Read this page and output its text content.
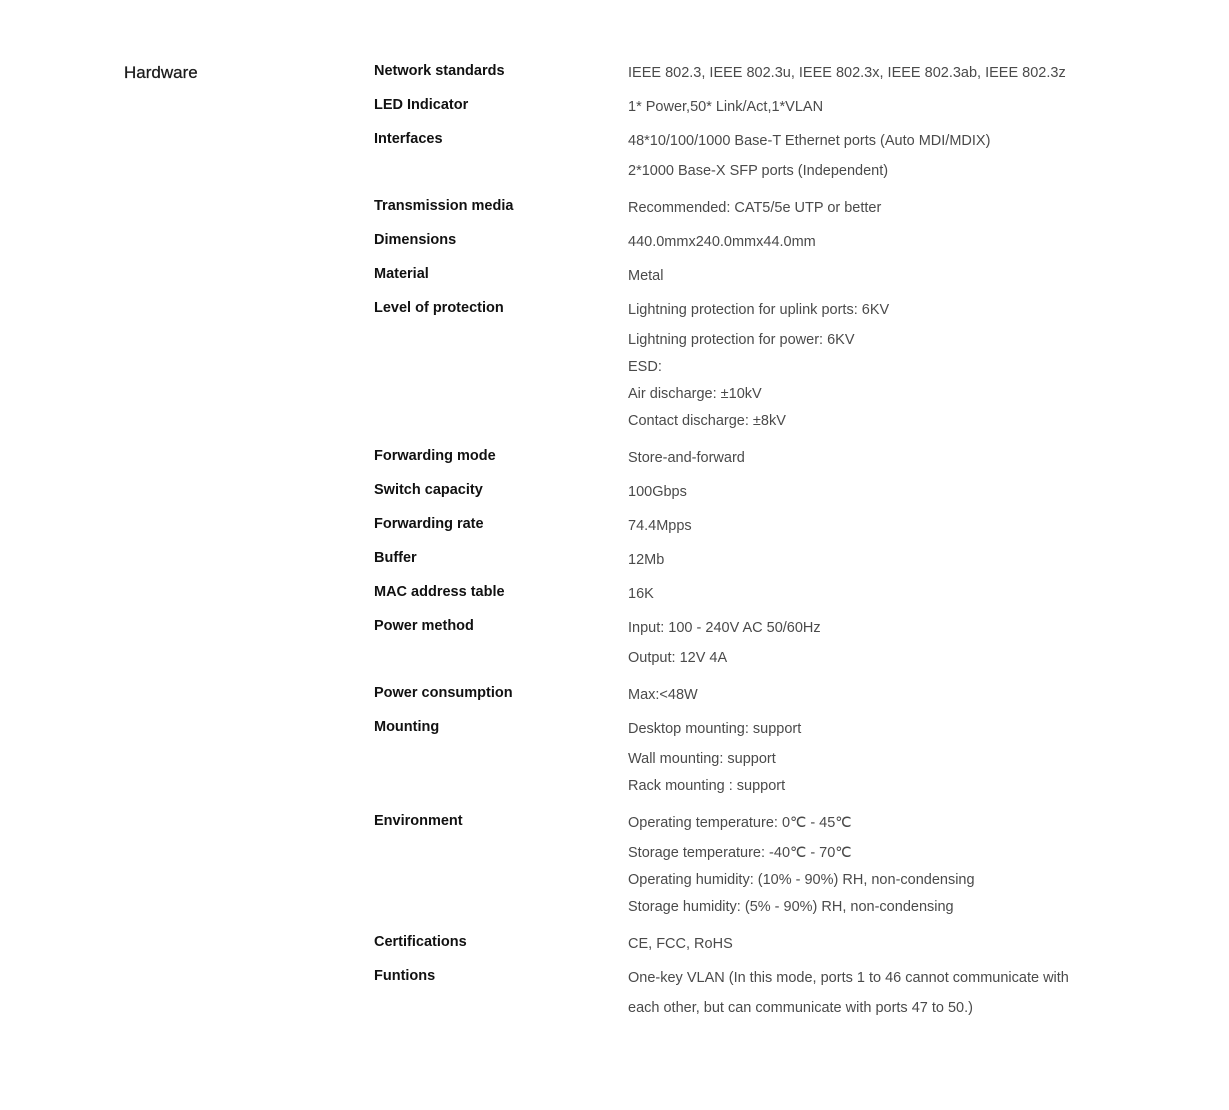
Hardware	Network standards	IEEE 802.3, IEEE 802.3u, IEEE 802.3x, IEEE 802.3ab, IEEE 802.3z
LED Indicator	1* Power,50* Link/Act,1*VLAN
Interfaces	48*10/100/1000 Base-T Ethernet ports (Auto MDI/MDIX)
2*1000 Base-X SFP ports (Independent)
Transmission media	Recommended: CAT5/5e UTP or better
Dimensions	440.0mmx240.0mmx44.0mm
Material	Metal
Level of protection	Lightning protection for uplink ports: 6KV
Lightning protection for power: 6KV
ESD:
Air discharge: ±10kV
Contact discharge: ±8kV
Forwarding mode	Store-and-forward
Switch capacity	100Gbps
Forwarding rate	74.4Mpps
Buffer	12Mb
MAC address table	16K
Power method	Input: 100 - 240V AC 50/60Hz
Output: 12V 4A
Power consumption	Max:<48W
Mounting	Desktop mounting: support
Wall mounting: support
Rack mounting : support
Environment	Operating temperature: 0℃ - 45℃
Storage temperature: -40℃ - 70℃
Operating humidity: (10% - 90%) RH, non-condensing
Storage humidity: (5% - 90%) RH, non-condensing
Certifications	CE, FCC, RoHS
Funtions	One-key VLAN (In this mode, ports 1 to 46 cannot communicate with
each other, but can communicate with ports 47 to 50.)
